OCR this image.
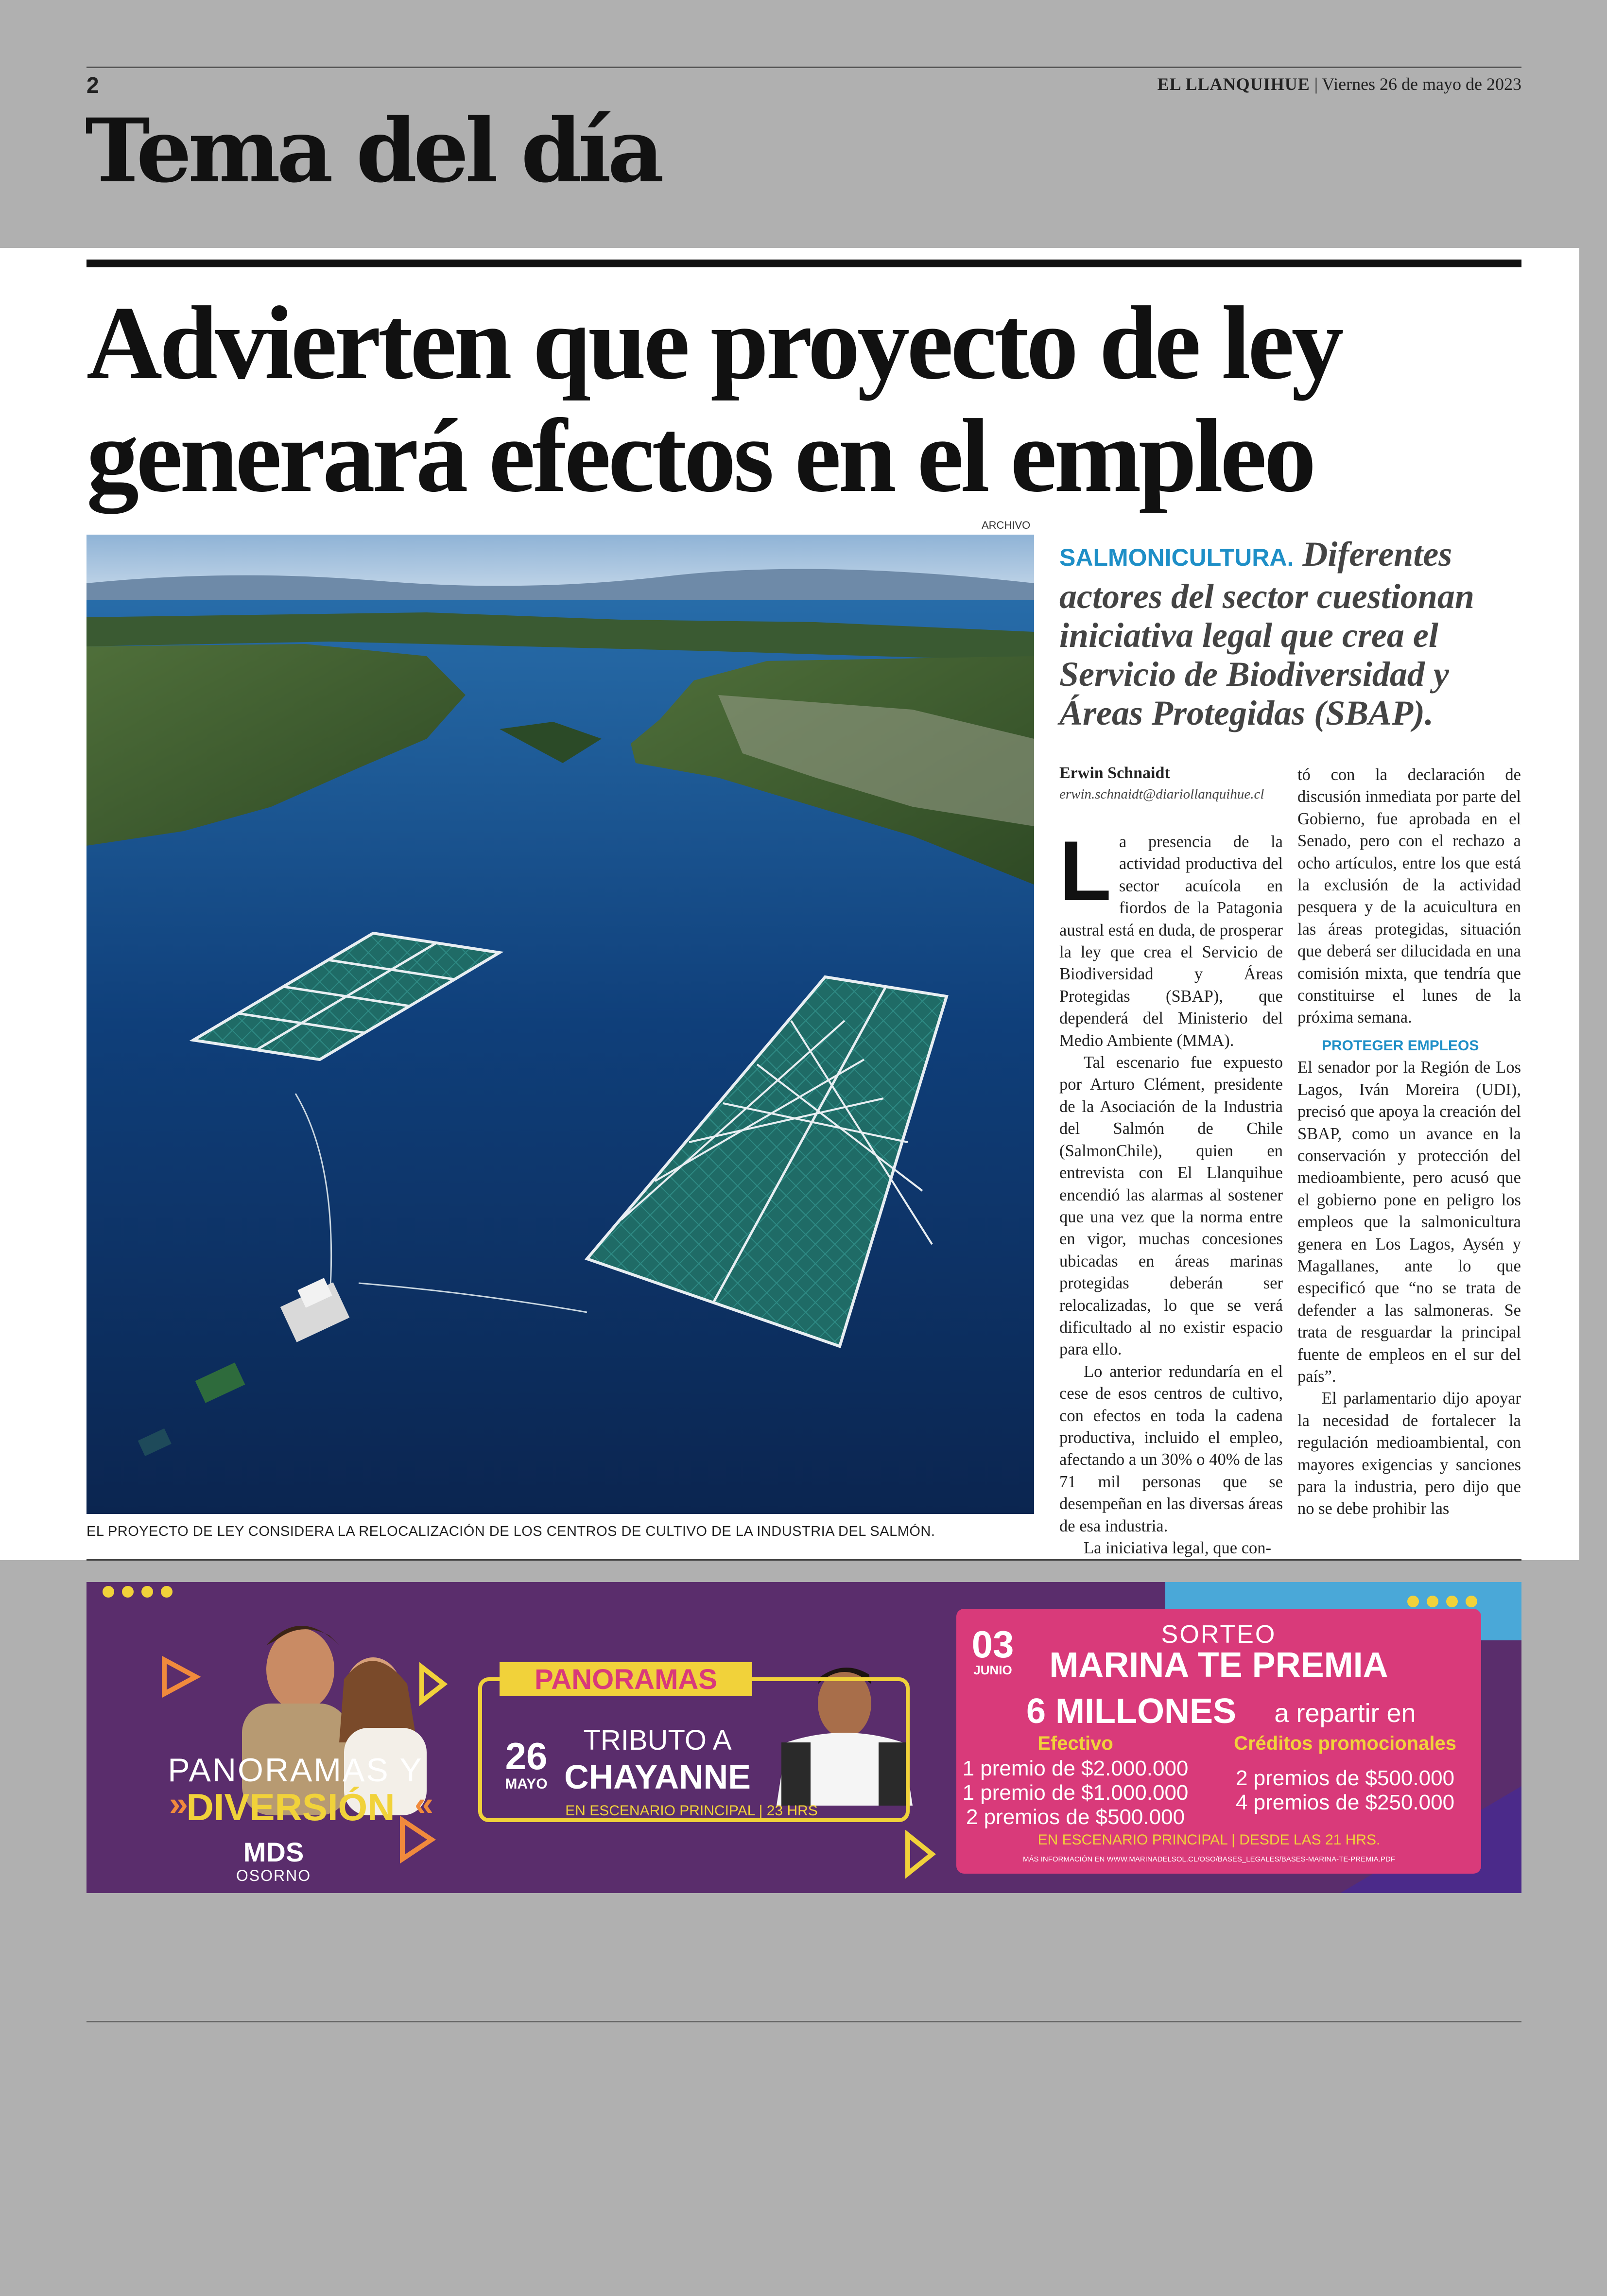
2	EL LLANQUIHUE | Viernes 26 de mayo de 2023
Tema del día
Advierten que proyecto de ley
generará efectos en el empleo
ARCHIVO
EL PROYECTO DE LEY CONSIDERA LA RELOCALIZACIÓN DE LOS CENTROS DE CULTIVO DE LA INDUSTRIA DEL SALMÓN.
SALMONICULTURA. Diferentes actores del sector cuestionan iniciativa legal que crea el Servicio de Biodiversidad y Áreas Protegidas (SBAP).
Erwin Schnaidt
erwin.schnaidt@diariollanquihue.cl

La presencia de la actividad productiva del sector acuícola en fiordos de la Patagonia austral está en duda, de prosperar la ley que crea el Servicio de Biodiversidad y Áreas Protegidas (SBAP), que dependerá del Ministerio del Medio Ambiente (MMA).

Tal escenario fue expuesto por Arturo Clément, presidente de la Asociación de la Industria del Salmón de Chile (SalmonChile), quien en entrevista con El Llanquihue encendió las alarmas al sostener que una vez que la norma entre en vigor, muchas concesiones ubicadas en áreas marinas protegidas deberán ser relocalizadas, lo que se verá dificultado al no existir espacio para ello.

Lo anterior redundaría en el cese de esos centros de cultivo, con efectos en toda la cadena productiva, incluido el empleo, afectando a un 30% o 40% de las 71 mil personas que se desempeñan en las diversas áreas de esa industria.

La iniciativa legal, que con-

tó con la declaración de discusión inmediata por parte del Gobierno, fue aprobada en el Senado, pero con el rechazo a ocho artículos, entre los que está la exclusión de la actividad pesquera y de la acuicultura en las áreas protegidas, situación que deberá ser dilucidada en una comisión mixta, que tendría que constituirse el lunes de la próxima semana.

PROTEGER EMPLEOS

El senador por la Región de Los Lagos, Iván Moreira (UDI), precisó que apoya la creación del SBAP, como un avance en la conservación y protección del medioambiente, pero acusó que el gobierno pone en peligro los empleos que la salmonicultura genera en Los Lagos, Aysén y Magallanes, ante lo que especificó que “no se trata de defender a las salmoneras. Se trata de resguardar la principal fuente de empleos en el sur del país”.

El parlamentario dijo apoyar la necesidad de fortalecer la regulación medioambiental, con mayores exigencias y sanciones para la industria, pero dijo que no se debe prohibir las

PANORAMAS Y
DIVERSIÓN
»	«
MDS
OSORNO
PANORAMAS
26
MAYO
TRIBUTO A
CHAYANNE
EN ESCENARIO PRINCIPAL | 23 HRS
03
JUNIO
SORTEO
MARINA TE PREMIA
6 MILLONES a repartir en
Efectivo
1 premio de $2.000.000
1 premio de $1.000.000
2 premios de $500.000
Créditos promocionales
2 premios de $500.000
4 premios de $250.000
EN ESCENARIO PRINCIPAL | DESDE LAS 21 HRS.
MÁS INFORMACIÓN EN WWW.MARINADELSOL.CL/OSO/BASES_LEGALES/BASES-MARINA-TE-PREMIA.PDF
